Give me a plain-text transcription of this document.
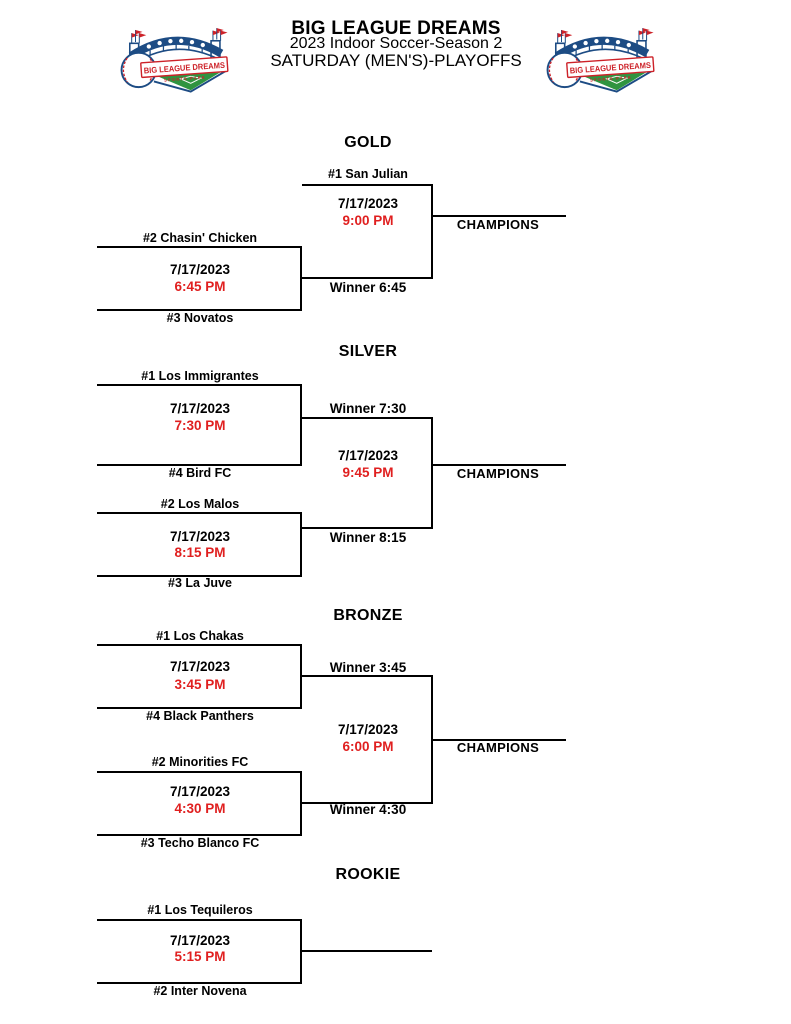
BIG LEAGUE DREAMS
2023 Indoor Soccer-Season 2
SATURDAY (MEN'S)-PLAYOFFS
BIG LEAGUE DREAMS
SPORTS PARK
BIG LEAGUE DREAMS
SPORTS PARK
GOLD
#1 San Julian
7/17/2023
9:00 PM	CHAMPIONS
#2 Chasin' Chicken
7/17/2023
6:45 PM	Winner 6:45
#3 Novatos
SILVER
#1 Los Immigrantes
7/17/2023
7:30 PM
Winner 7:30
#4 Bird FC
7/17/2023
9:45 PM	CHAMPIONS
#2 Los Malos
7/17/2023
8:15 PM
Winner 8:15
#3 La Juve
BRONZE
#1 Los Chakas
7/17/2023
3:45 PM
Winner 3:45
#4 Black Panthers
7/17/2023
6:00 PM	CHAMPIONS
#2 Minorities FC
7/17/2023
4:30 PM	Winner 4:30
#3 Techo Blanco FC
ROOKIE
#1 Los Tequileros
7/17/2023
5:15 PM
#2 Inter Novena
